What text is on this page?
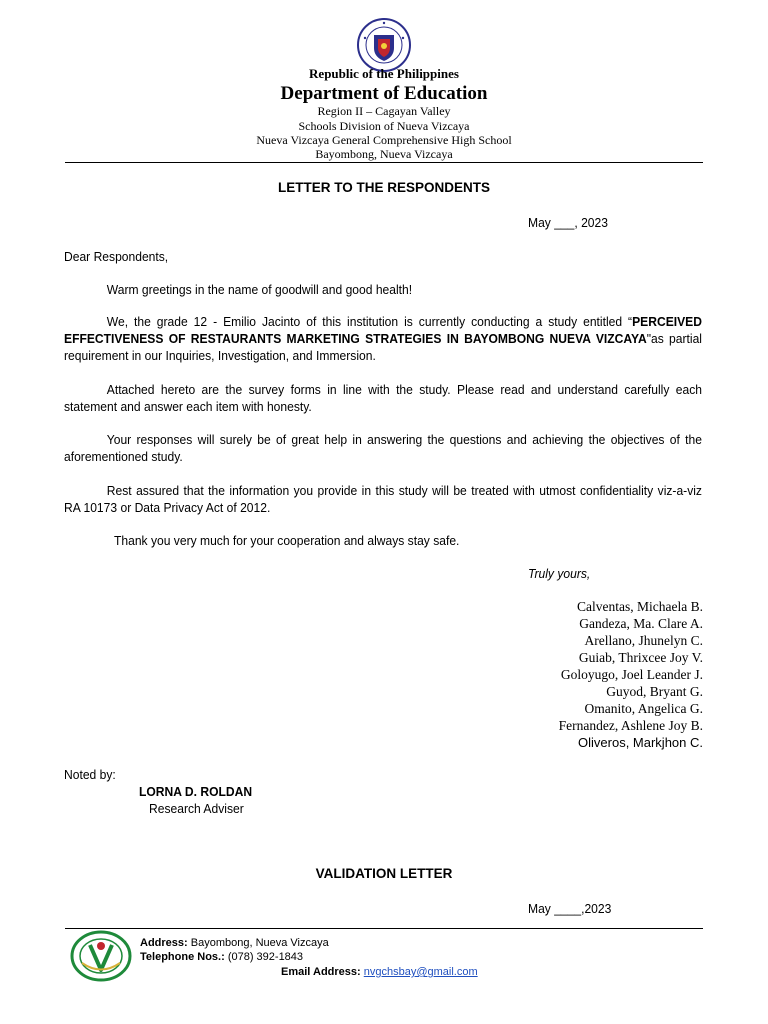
Republic of the Philippines
Department of Education
Region II – Cagayan Valley
Schools Division of Nueva Vizcaya
Nueva Vizcaya General Comprehensive High School
Bayombong, Nueva Vizcaya
LETTER TO THE RESPONDENTS
May ___, 2023
Dear Respondents,
Warm greetings in the name of goodwill and good health!
We, the grade 12 - Emilio Jacinto of this institution is currently conducting a study entitled “PERCEIVED EFFECTIVENESS OF RESTAURANTS MARKETING STRATEGIES IN BAYOMBONG NUEVA VIZCAYA"as partial requirement in our Inquiries, Investigation, and Immersion.
Attached hereto are the survey forms in line with the study. Please read and understand carefully each statement and answer each item with honesty.
Your responses will surely be of great help in answering the questions and achieving the objectives of the aforementioned study.
Rest assured that the information you provide in this study will be treated with utmost confidentiality viz-a-viz RA 10173 or Data Privacy Act of 2012.
Thank you very much for your cooperation and always stay safe.
Truly yours,
Calventas, Michaela B.
Gandeza, Ma. Clare A.
Arellano, Jhunelyn C.
Guiab, Thrixcee Joy V.
Goloyugo, Joel Leander J.
Guyod, Bryant G.
Omanito, Angelica G.
Fernandez, Ashlene Joy B.
Oliveros, Markjhon C.
Noted by:
LORNA D. ROLDAN
Research Adviser
VALIDATION LETTER
May ____,2023
Address: Bayombong, Nueva Vizcaya
Telephone Nos.: (078) 392-1843
Email Address: nvgchsbay@gmail.com
